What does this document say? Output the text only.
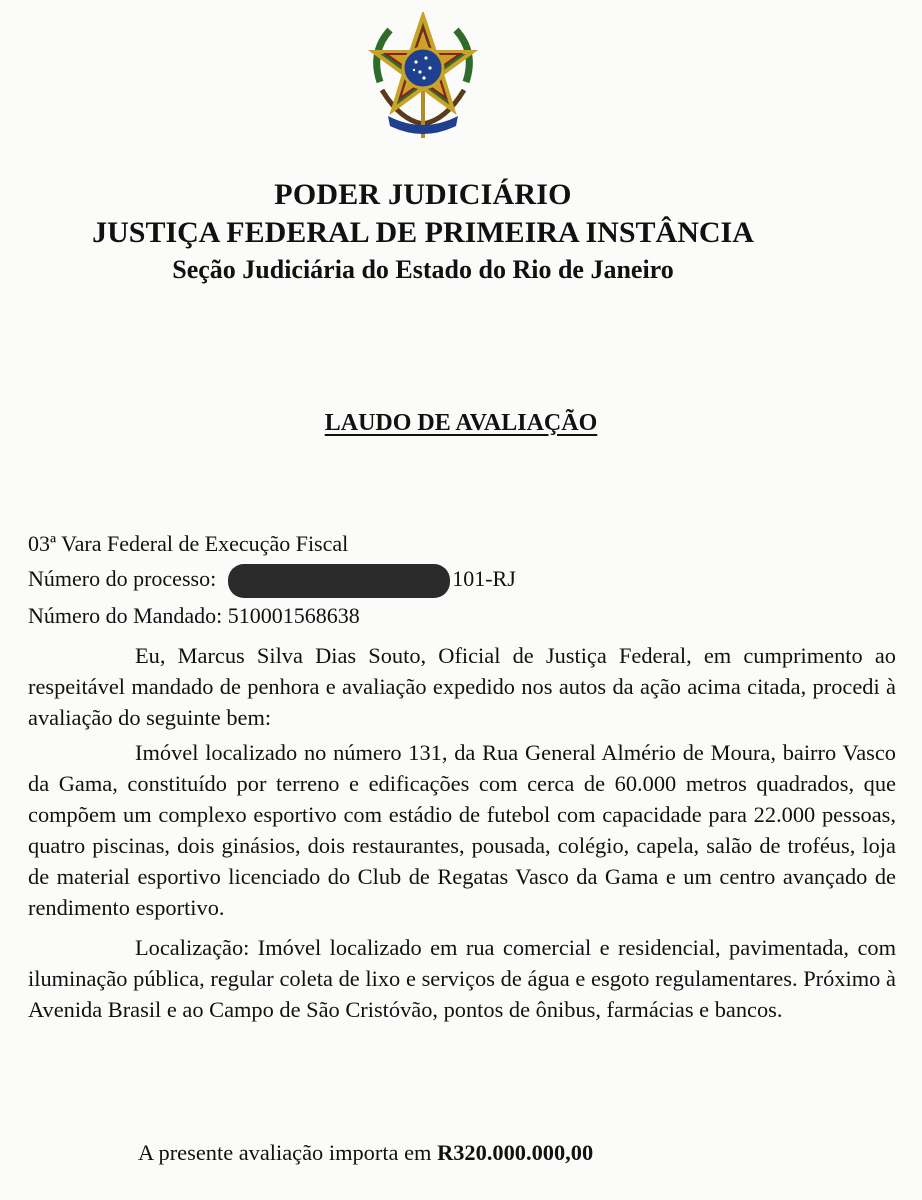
PODER JUDICIÁRIO
JUSTIÇA FEDERAL DE PRIMEIRA INSTÂNCIA
Seção Judiciária do Estado do Rio de Janeiro
LAUDO DE AVALIAÇÃO
03ª Vara Federal de Execução Fiscal
Número do processo:	101-RJ
Número do Mandado: 510001568638

Eu, Marcus Silva Dias Souto, Oficial de Justiça Federal, em cumprimento ao respeitável mandado de penhora e avaliação expedido nos autos da ação acima citada, procedi à avaliação do seguinte bem:

Imóvel localizado no número 131, da Rua General Almério de Moura, bairro Vasco da Gama, constituído por terreno e edificações com cerca de 60.000 metros quadrados, que compõem um complexo esportivo com estádio de futebol com capacidade para 22.000 pessoas, quatro piscinas, dois ginásios, dois restaurantes, pousada, colégio, capela, salão de troféus, loja de material esportivo licenciado do Club de Regatas Vasco da Gama e um centro avançado de rendimento esportivo.

Localização: Imóvel localizado em rua comercial e residencial, pavimentada, com iluminação pública, regular coleta de lixo e serviços de água e esgoto regulamentares. Próximo à Avenida Brasil e ao Campo de São Cristóvão, pontos de ônibus, farmácias e bancos.

A presente avaliação importa em R320.000.000,00
